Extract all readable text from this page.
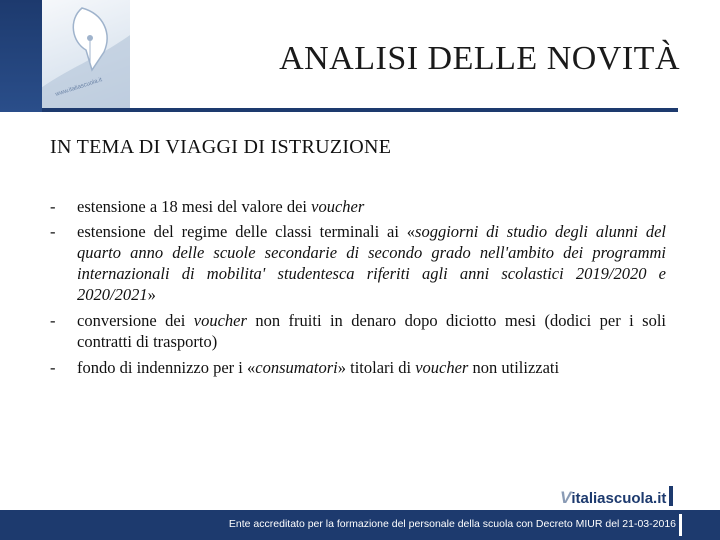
www.italiascuola.it
ANALISI DELLE NOVITÀ
IN TEMA DI VIAGGI DI ISTRUZIONE
- estensione a 18 mesi del valore dei voucher
- estensione del regime delle classi terminali ai «soggiorni di studio degli alunni del quarto anno delle scuole secondarie di secondo grado nell'ambito dei programmi internazionali di mobilita' studentesca riferiti agli anni scolastici 2019/2020 e 2020/2021»
- conversione dei voucher non fruiti in denaro dopo diciotto mesi (dodici per i soli contratti di trasporto)
- fondo di indennizzo per i «consumatori» titolari di voucher non utilizzati
Vitaliascuola.it
Ente accreditato per la formazione del personale della scuola con Decreto MIUR del 21-03-2016
